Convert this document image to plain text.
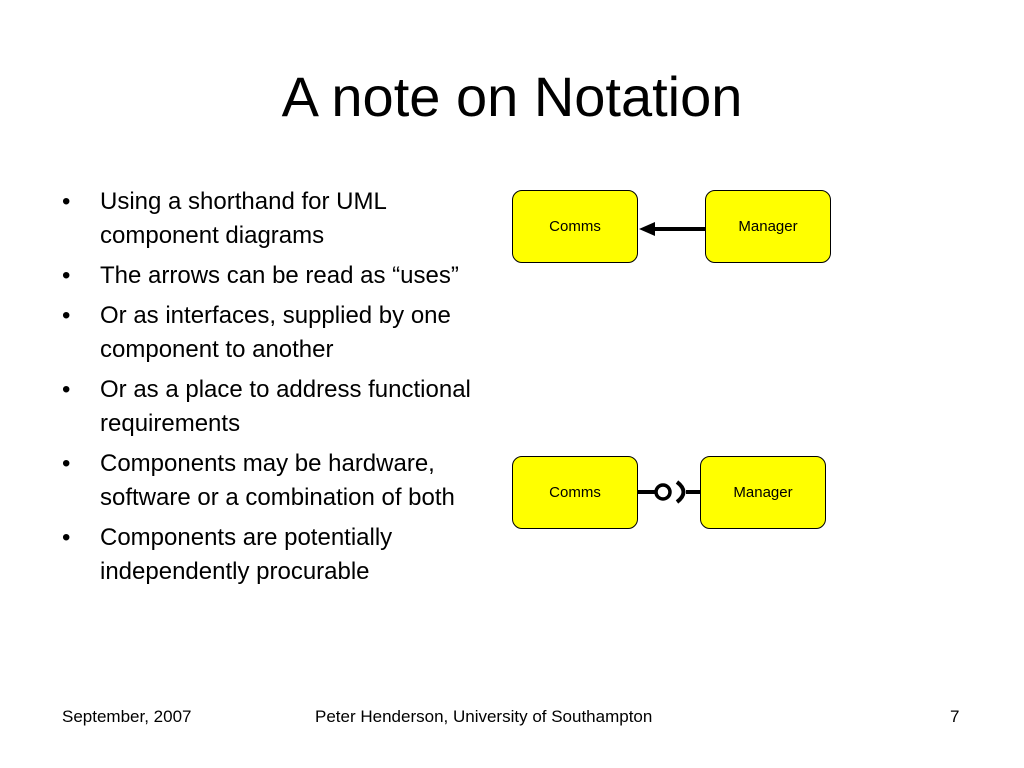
A note on Notation
• Using a shorthand for UML component diagrams
• The arrows can be read as “uses”
• Or as interfaces, supplied by one component to another
• Or as a place to address functional requirements
• Components may be hardware, software or a combination of both
• Components are potentially independently procurable
Comms	Manager
Comms	Manager
September, 2007	Peter Henderson, University of Southampton	7
